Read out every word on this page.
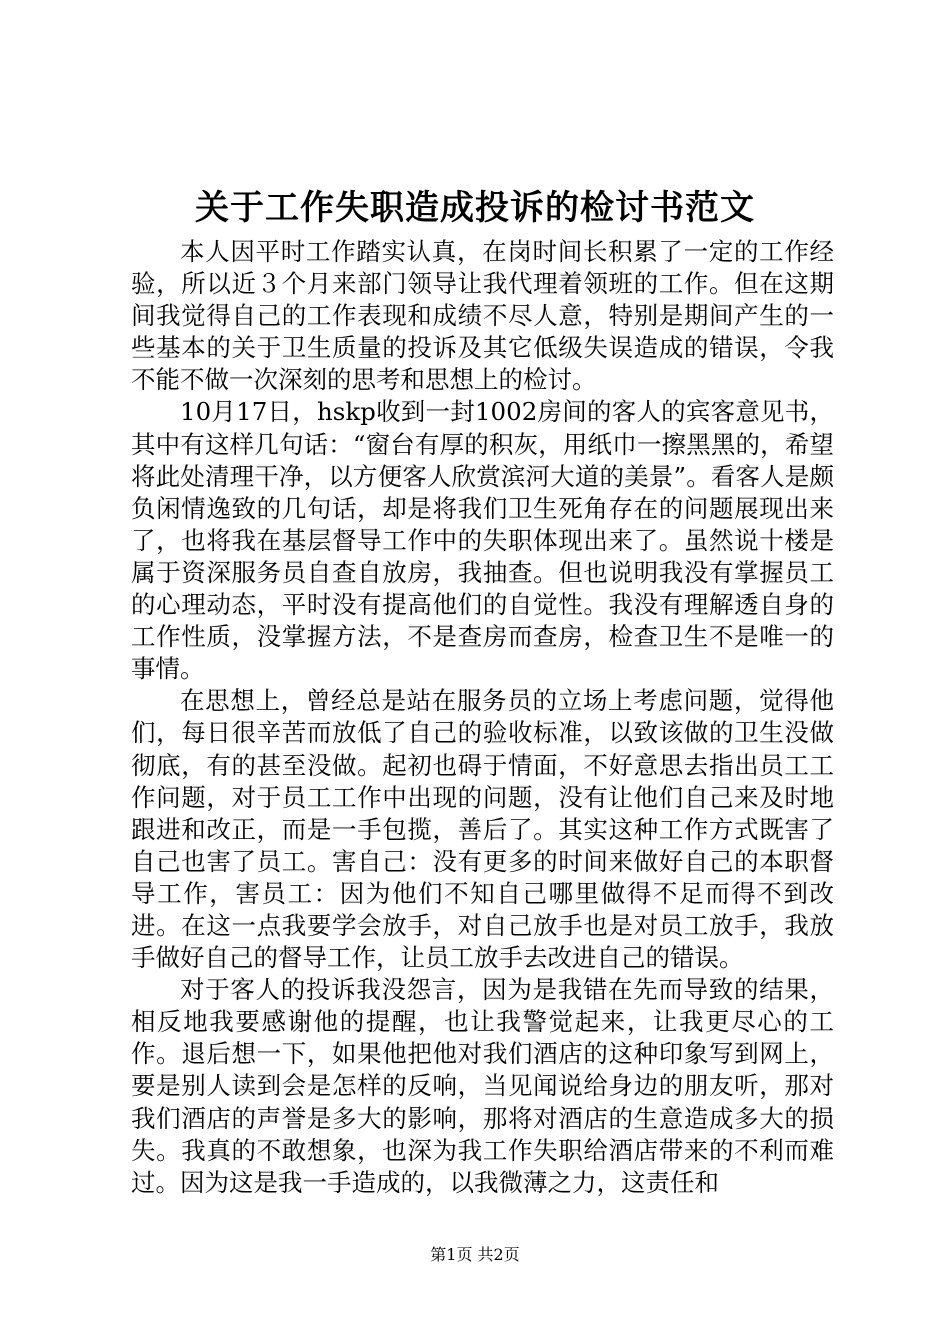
关于工作失职造成投诉的检讨书范文

本人因平时工作踏实认真，在岗时间长积累了一定的工作经验，所以近３个月来部门领导让我代理着领班的工作。但在这期间我觉得自己的工作表现和成绩不尽人意，特别是期间产生的一些基本的关于卫生质量的投诉及其它低级失误造成的错误，令我不能不做一次深刻的思考和思想上的检讨。

10月17日，hskp收到一封1002房间的客人的宾客意见书，其中有这样几句话：“窗台有厚的积灰，用纸巾一擦黑黑的，希望将此处清理干净，以方便客人欣赏滨河大道的美景”。看客人是颇负闲情逸致的几句话，却是将我们卫生死角存在的问题展现出来了，也将我在基层督导工作中的失职体现出来了。虽然说十楼是属于资深服务员自查自放房，我抽查。但也说明我没有掌握员工的心理动态，平时没有提高他们的自觉性。我没有理解透自身的工作性质，没掌握方法，不是查房而查房，检查卫生不是唯一的事情。

在思想上，曾经总是站在服务员的立场上考虑问题，觉得他们，每日很辛苦而放低了自己的验收标准，以致该做的卫生没做彻底，有的甚至没做。起初也碍于情面，不好意思去指出员工工作问题，对于员工工作中出现的问题，没有让他们自己来及时地跟进和改正，而是一手包揽，善后了。其实这种工作方式既害了自己也害了员工。害自己：没有更多的时间来做好自己的本职督导工作，害员工：因为他们不知自己哪里做得不足而得不到改进。在这一点我要学会放手，对自己放手也是对员工放手，我放手做好自己的督导工作，让员工放手去改进自己的错误。

对于客人的投诉我没怨言，因为是我错在先而导致的结果，相反地我要感谢他的提醒，也让我警觉起来，让我更尽心的工作。退后想一下，如果他把他对我们酒店的这种印象写到网上，要是别人读到会是怎样的反响，当见闻说给身边的朋友听，那对我们酒店的声誉是多大的影响，那将对酒店的生意造成多大的损失。我真的不敢想象，也深为我工作失职给酒店带来的不利而难过。因为这是我一手造成的，以我微薄之力，这责任和

第1页 共2页
